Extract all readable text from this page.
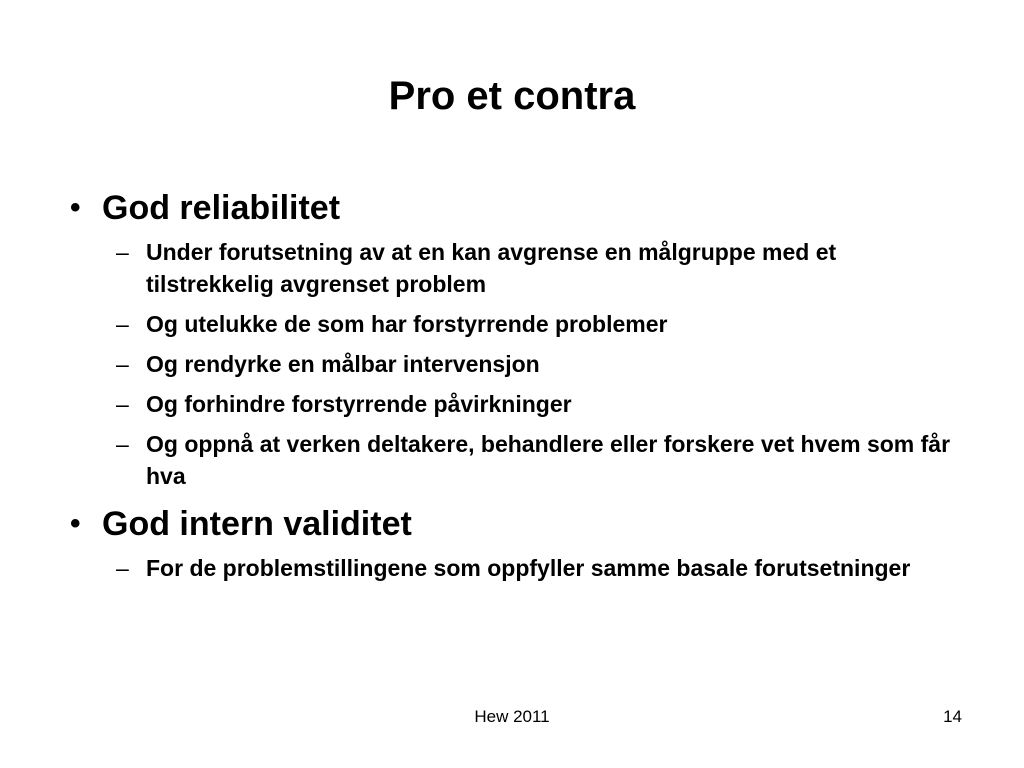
Pro et contra
• God reliabilitet
– Under forutsetning av at en kan avgrense en målgruppe med et tilstrekkelig avgrenset problem
– Og utelukke de som har forstyrrende problemer
– Og rendyrke en målbar intervensjon
– Og forhindre forstyrrende påvirkninger
– Og oppnå at verken deltakere, behandlere eller forskere vet hvem som får hva
• God intern validitet
– For de problemstillingene som oppfyller samme basale forutsetninger
Hew 2011	14
